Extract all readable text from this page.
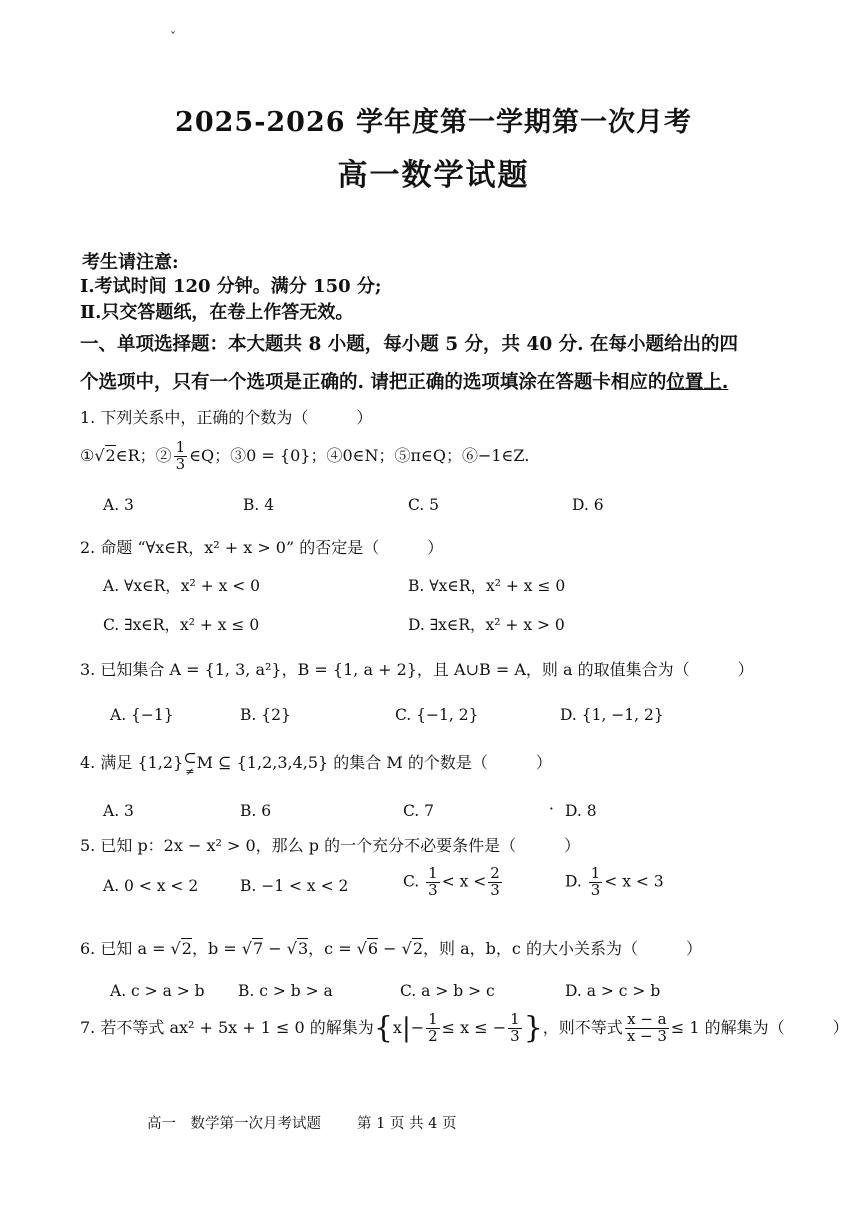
ˇ
2025-2026 学年度第一学期第一次月考
高一数学试题
考生请注意:
Ⅰ.考试时间 120 分钟。满分 150 分;
Ⅱ.只交答题纸，在卷上作答无效。
一、单项选择题：本大题共 8 小题，每小题 5 分，共 40 分. 在每小题给出的四
个选项中，只有一个选项是正确的. 请把正确的选项填涂在答题卡相应的位置上.
1. 下列关系中，正确的个数为（　　　）
①√2∈R；② $\frac{1}{3}$ ∈Q；③0 = {0}；④0∈N；⑤π∈Q；⑥−1∈Z.
A. 3	B. 4	C. 5	D. 6
2. 命题 “∀x∈R，x² + x > 0” 的否定是（　　　）
A. ∀x∈R，x² + x < 0	B. ∀x∈R，x² + x ≤ 0
C. ∃x∈R，x² + x ≤ 0	D. ∃x∈R，x² + x > 0
3. 已知集合 A = {1, 3, a²}，B = {1, a + 2}，且 A∪B = A，则 a 的取值集合为（　　　）
A. {−1}	B. {2}	C. {−1, 2}	D. {1, −1, 2}
4. 满足 {1,2} ⊂
≠ M ⊆ {1,2,3,4,5} 的集合 M 的个数是（　　　）
A. 3	B. 6	C. 7	· D. 8
5. 已知 p：2x − x² > 0，那么 p 的一个充分不必要条件是（　　　）
A. 0 < x < 2	B. −1 < x < 2	C. $\frac{1}{3} < x < \frac{2}{3}$	D. $\frac{1}{3} < x < 3$
6. 已知 a = √2，b = √7 − √3，c = √6 − √2，则 a，b，c 的大小关系为（　　　）
A. c > a > b B. c > b > a	C. a > b > c	D. a > c > b
7. 若不等式 ax² + 5x + 1 ≤ 0 的解集为{$x|- \frac{1}{2} \le x$ ≤ − $\frac{1}{3}$ }，则不等式 $\frac{x - a}{x - 3} \le 1$ 的解集为（　　　）
高一　数学第一次月考试题 第 1 页 共 4 页
